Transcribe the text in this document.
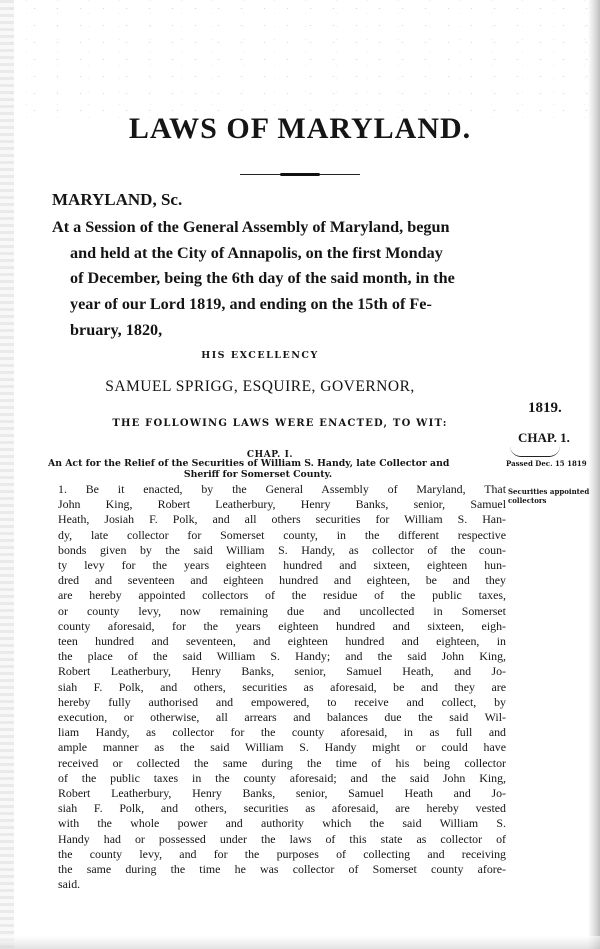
LAWS OF MARYLAND.
MARYLAND, Sc.
At a Session of the General Assembly of Maryland, begun
and held at the City of Annapolis, on the first Monday
of December, being the 6th day of the said month, in the
year of our Lord 1819, and ending on the 15th of Fe-
bruary, 1820,
HIS EXCELLENCY
SAMUEL SPRIGG, ESQUIRE, GOVERNOR,
1819.
THE FOLLOWING LAWS WERE ENACTED, TO WIT:
CHAP. 1.
CHAP. I.
An Act for the Relief of the Securities of William S. Handy, late Collector and
Sheriff for Somerset County.
Passed Dec. 15 1819
Securities appointed collectors
1. Be it enacted, by the General Assembly of Maryland, That
John King, Robert Leatherbury, Henry Banks, senior, Samuel
Heath, Josiah F. Polk, and all others securities for William S. Han-
dy, late collector for Somerset county, in the different respective
bonds given by the said William S. Handy, as collector of the coun-
ty levy for the years eighteen hundred and sixteen, eighteen hun-
dred and seventeen and eighteen hundred and eighteen, be and they
are hereby appointed collectors of the residue of the public taxes,
or county levy, now remaining due and uncollected in Somerset
county aforesaid, for the years eighteen hundred and sixteen, eigh-
teen hundred and seventeen, and eighteen hundred and eighteen, in
the place of the said William S. Handy; and the said John King,
Robert Leatherbury, Henry Banks, senior, Samuel Heath, and Jo-
siah F. Polk, and others, securities as aforesaid, be and they are
hereby fully authorised and empowered, to receive and collect, by
execution, or otherwise, all arrears and balances due the said Wil-
liam Handy, as collector for the county aforesaid, in as full and
ample manner as the said William S. Handy might or could have
received or collected the same during the time of his being collector
of the public taxes in the county aforesaid; and the said John King,
Robert Leatherbury, Henry Banks, senior, Samuel Heath and Jo-
siah F. Polk, and others, securities as aforesaid, are hereby vested
with the whole power and authority which the said William S.
Handy had or possessed under the laws of this state as collector of
the county levy, and for the purposes of collecting and receiving
the same during the time he was collector of Somerset county afore-
said.
